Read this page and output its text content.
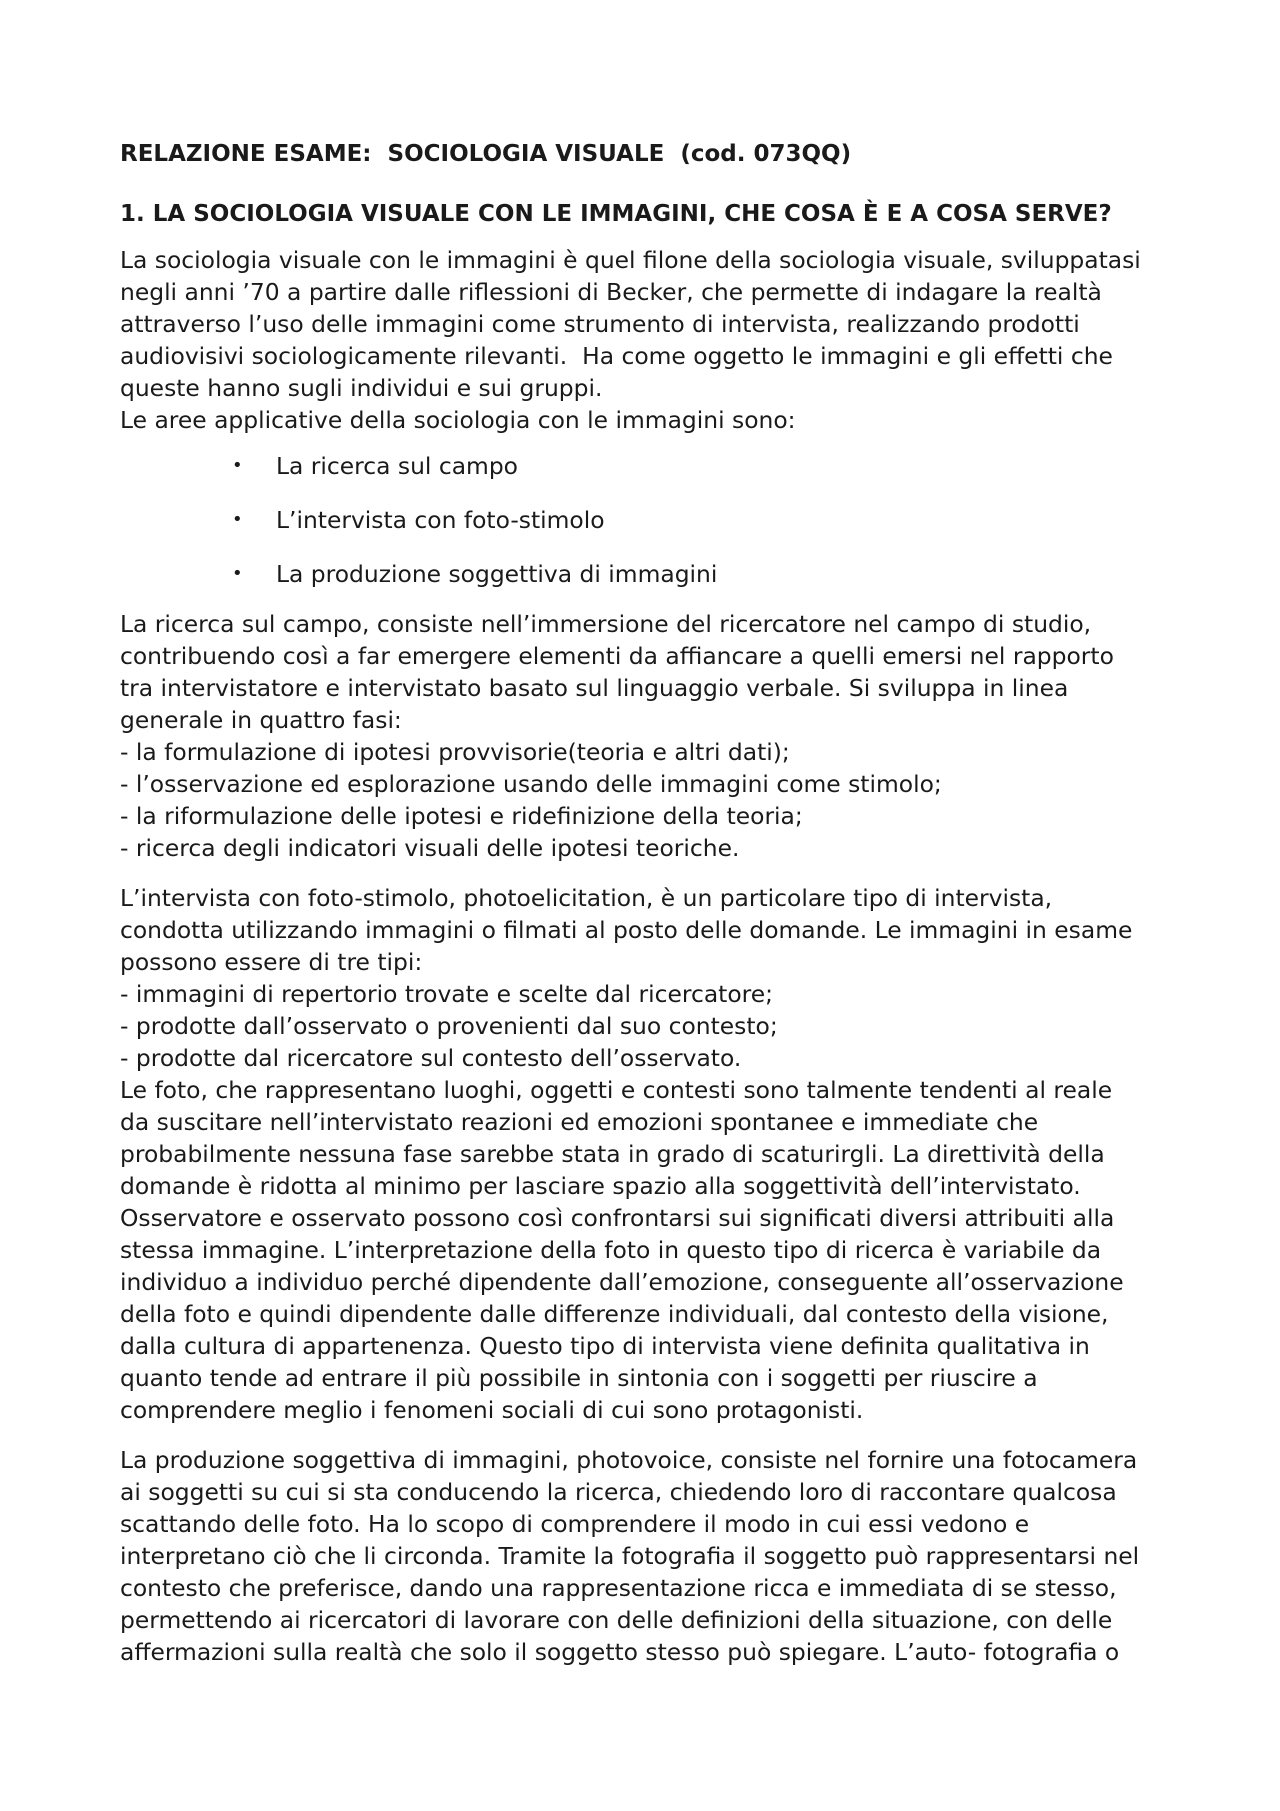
RELAZIONE ESAME:  SOCIOLOGIA VISUALE  (cod. 073QQ)
1. LA SOCIOLOGIA VISUALE CON LE IMMAGINI, CHE COSA È E A COSA SERVE?
La sociologia visuale con le immagini è quel filone della sociologia visuale, sviluppatasi
negli anni ’70 a partire dalle riflessioni di Becker, che permette di indagare la realtà
attraverso l’uso delle immagini come strumento di intervista, realizzando prodotti
audiovisivi sociologicamente rilevanti.  Ha come oggetto le immagini e gli effetti che
queste hanno sugli individui e sui gruppi.
Le aree applicative della sociologia con le immagini sono:
• La ricerca sul campo
• L’intervista con foto-stimolo
• La produzione soggettiva di immagini
La ricerca sul campo, consiste nell’immersione del ricercatore nel campo di studio,
contribuendo così a far emergere elementi da affiancare a quelli emersi nel rapporto
tra intervistatore e intervistato basato sul linguaggio verbale. Si sviluppa in linea
generale in quattro fasi:
- la formulazione di ipotesi provvisorie(teoria e altri dati);
- l’osservazione ed esplorazione usando delle immagini come stimolo;
- la riformulazione delle ipotesi e ridefinizione della teoria;
- ricerca degli indicatori visuali delle ipotesi teoriche.
L’intervista con foto-stimolo, photoelicitation, è un particolare tipo di intervista,
condotta utilizzando immagini o filmati al posto delle domande. Le immagini in esame
possono essere di tre tipi:
- immagini di repertorio trovate e scelte dal ricercatore;
- prodotte dall’osservato o provenienti dal suo contesto;
- prodotte dal ricercatore sul contesto dell’osservato.
Le foto, che rappresentano luoghi, oggetti e contesti sono talmente tendenti al reale
da suscitare nell’intervistato reazioni ed emozioni spontanee e immediate che
probabilmente nessuna fase sarebbe stata in grado di scaturirgli. La direttività della
domande è ridotta al minimo per lasciare spazio alla soggettività dell’intervistato.
Osservatore e osservato possono così confrontarsi sui significati diversi attribuiti alla
stessa immagine. L’interpretazione della foto in questo tipo di ricerca è variabile da
individuo a individuo perché dipendente dall’emozione, conseguente all’osservazione
della foto e quindi dipendente dalle differenze individuali, dal contesto della visione,
dalla cultura di appartenenza. Questo tipo di intervista viene definita qualitativa in
quanto tende ad entrare il più possibile in sintonia con i soggetti per riuscire a
comprendere meglio i fenomeni sociali di cui sono protagonisti.
La produzione soggettiva di immagini, photovoice, consiste nel fornire una fotocamera
ai soggetti su cui si sta conducendo la ricerca, chiedendo loro di raccontare qualcosa
scattando delle foto. Ha lo scopo di comprendere il modo in cui essi vedono e
interpretano ciò che li circonda. Tramite la fotografia il soggetto può rappresentarsi nel
contesto che preferisce, dando una rappresentazione ricca e immediata di se stesso,
permettendo ai ricercatori di lavorare con delle definizioni della situazione, con delle
affermazioni sulla realtà che solo il soggetto stesso può spiegare. L’auto- fotografia o
